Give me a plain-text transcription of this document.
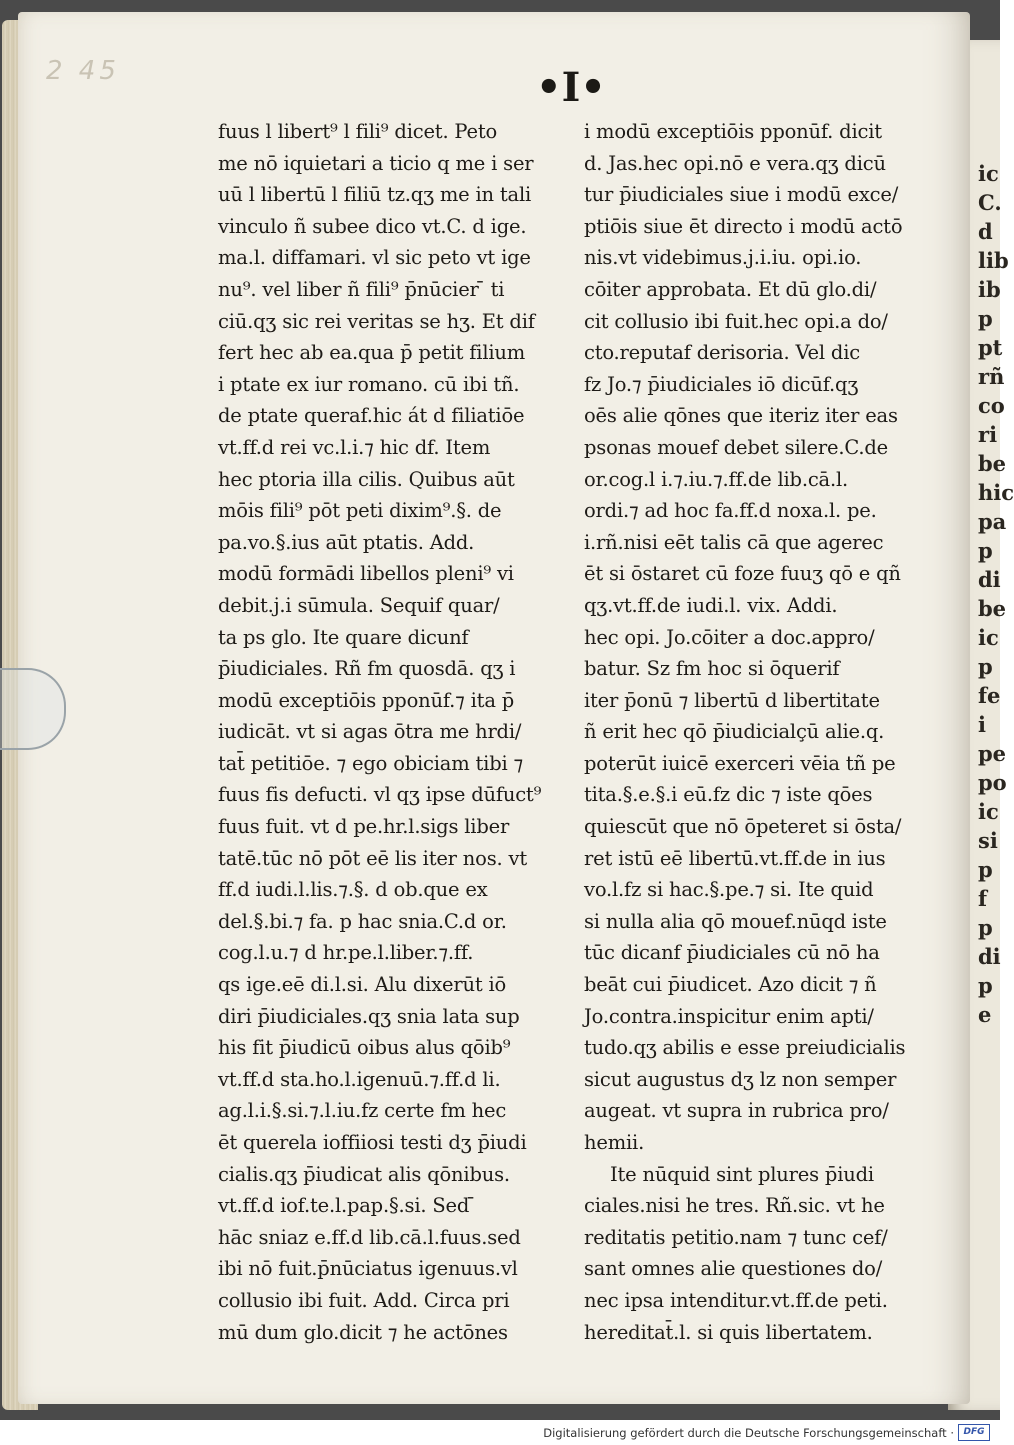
ic
C.
d
lib
ib
p
pt
rñ
co
ri
be
hic
pa
p
di
be
ic
p
fe
i
pe
po
ic
si
p
f
p
di
p
e
2 45	•I•
fuus l libert⁹ l fili⁹ dicet. Peto
me nō iquietari a ticio q me i ser
uū l libertū l filiū tz.qʒ me in tali
vinculo ñ subee dico vt.C. d ige.
ma.l. diffamari. vl sic peto vt ige
nu⁹. vel liber ñ fili⁹ p̄nūcier ̄ ti
ciū.qʒ sic rei veritas se hʒ. Et dif
fert hec ab ea.qua p̄ petit filium
i ptate ex iur romano. cū ibi tñ.
de ptate queraf.hic át d filiatiōe
vt.ff.d rei vc.l.i.⁊ hic df. Item
hec ptoria illa cilis. Quibus aūt
mōis fili⁹ pōt peti dixim⁹.§. de
pa.vo.§.ius aūt ptatis. Add.
modū formādi libellos pleni⁹ vi
debit.j.i sūmula. Sequif quar/
ta ps glo. Ite quare dicunf
p̄iudiciales. Rñ fm quosdā. qʒ i
modū exceptiōis pponūf.⁊ ita p̄
iudicāt. vt si agas ōtra me hrdi/
tat̄ petitiōe. ⁊ ego obiciam tibi ⁊
fuus fis defucti. vl qʒ ipse dūfuct⁹
fuus fuit. vt d pe.hr.l.sigs liber
tatē.tūc nō pōt eē lis iter nos. vt
ff.d iudi.l.lis.⁊.§. d ob.que ex
del.§.bi.⁊ fa. p hac snia.C.d or.
cog.l.u.⁊ d hr.pe.l.liber.⁊.ff.
qs ige.eē di.l.si. Alu dixerūt iō
diri p̄iudiciales.qʒ snia lata sup
his fit p̄iudicū oibus alus qōib⁹
vt.ff.d sta.ho.l.igenuū.⁊.ff.d li.
ag.l.i.§.si.⁊.l.iu.fz certe fm hec
ēt querela ioffiiosi testi dʒ p̄iudi
cialis.qʒ p̄iudicat alis qōnibus.
vt.ff.d iof.te.l.pap.§.si. Sed ̄
hāc sniaz e.ff.d lib.cā.l.fuus.sed
ibi nō fuit.p̄nūciatus igenuus.vl
collusio ibi fuit. Add. Circa pri
mū dum glo.dicit ⁊ he actōnes
i modū exceptiōis pponūf. dicit
d. Jas.hec opi.nō e vera.qʒ dicū
tur p̄iudiciales siue i modū exce/
ptiōis siue ēt directo i modū actō
nis.vt videbimus.j.i.iu. opi.io.
cōiter approbata. Et dū glo.di/
cit collusio ibi fuit.hec opi.a do/
cto.reputaf derisoria. Vel dic
fz Jo.⁊ p̄iudiciales iō dicūf.qʒ
oēs alie qōnes que iteriz iter eas
psonas mouef debet silere.C.de
or.cog.l i.⁊.iu.⁊.ff.de lib.cā.l.
ordi.⁊ ad hoc fa.ff.d noxa.l. pe.
i.rñ.nisi eēt talis cā que agerec
ēt si ōstaret cū foze fuuʒ qō e qñ
qʒ.vt.ff.de iudi.l. vix. Addi.
hec opi. Jo.cōiter a doc.appro/
batur. Sz fm hoc si ōquerif
iter p̄onū ⁊ libertū d libertitate
ñ erit hec qō p̄iudicialçū alie.q.
poterūt iuicē exerceri vēia tñ pe
tita.§.e.§.i eū.fz dic ⁊ iste qōes
quiescūt que nō ōpeteret si ōsta/
ret istū eē libertū.vt.ff.de in ius
vo.l.fz si hac.§.pe.⁊ si. Ite quid
si nulla alia qō mouef.nūqd iste
tūc dicanf p̄iudiciales cū nō ha
beāt cui p̄iudicet. Azo dicit ⁊ ñ
Jo.contra.inspicitur enim apti/
tudo.qʒ abilis e esse preiudicialis
sicut augustus dʒ lz non semper
augeat. vt supra in rubrica pro/
hemii.
Ite nūquid sint plures p̄iudi
ciales.nisi he tres. Rñ.sic. vt he
reditatis petitio.nam ⁊ tunc cef/
sant omnes alie questiones do/
nec ipsa intenditur.vt.ff.de peti.
hereditat̄.l. si quis libertatem.
Digitalisierung gefördert durch die Deutsche Forschungsgemeinschaft ·	DFG
